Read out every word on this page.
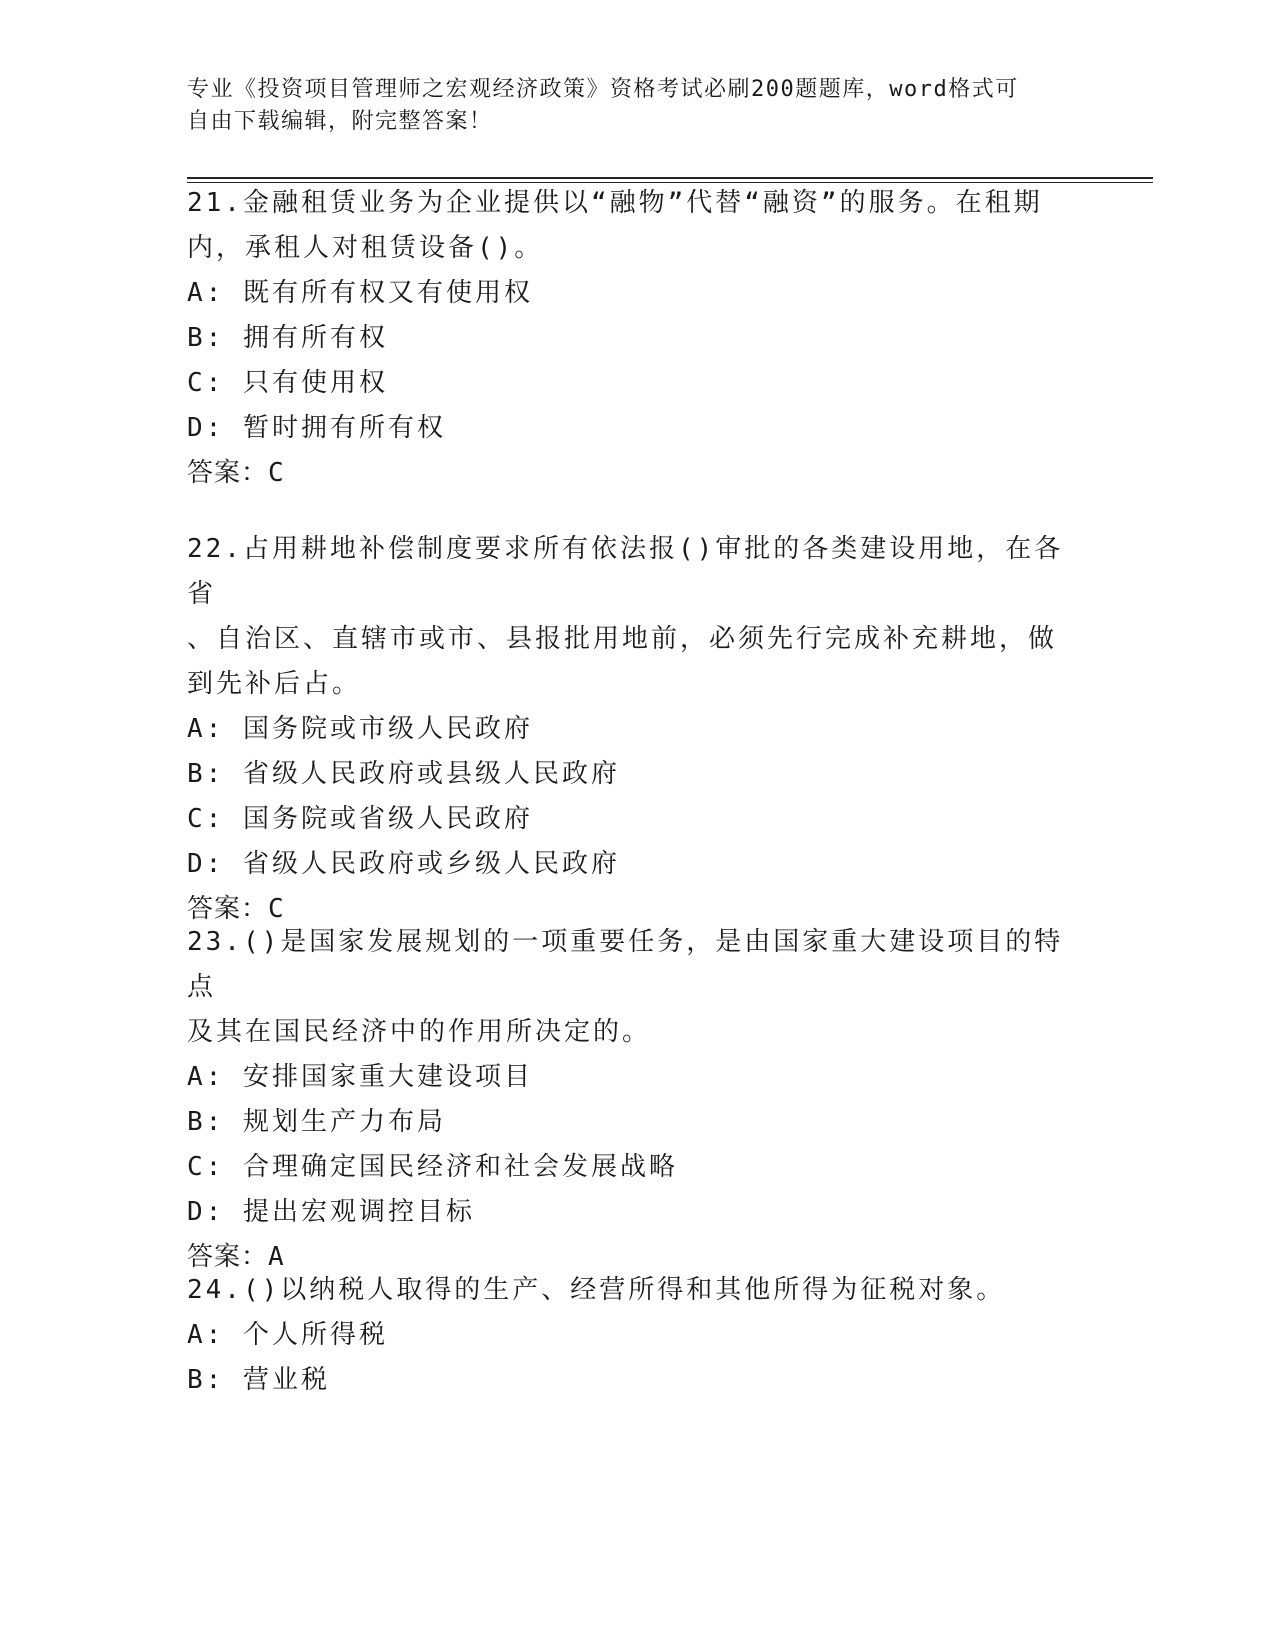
专业《投资项目管理师之宏观经济政策》资格考试必刷200题题库，word格式可
自由下载编辑，附完整答案！
21.金融租赁业务为企业提供以“融物”代替“融资”的服务。在租期
内，承租人对租赁设备()。
A: 既有所有权又有使用权
B: 拥有所有权
C: 只有使用权
D: 暂时拥有所有权
答案：C
22.占用耕地补偿制度要求所有依法报()审批的各类建设用地，在各省
、自治区、直辖市或市、县报批用地前，必须先行完成补充耕地，做
到先补后占。
A: 国务院或市级人民政府
B: 省级人民政府或县级人民政府
C: 国务院或省级人民政府
D: 省级人民政府或乡级人民政府
答案：C
23.()是国家发展规划的一项重要任务，是由国家重大建设项目的特点
及其在国民经济中的作用所决定的。
A: 安排国家重大建设项目
B: 规划生产力布局
C: 合理确定国民经济和社会发展战略
D: 提出宏观调控目标
答案：A
24.()以纳税人取得的生产、经营所得和其他所得为征税对象。
A: 个人所得税
B: 营业税
